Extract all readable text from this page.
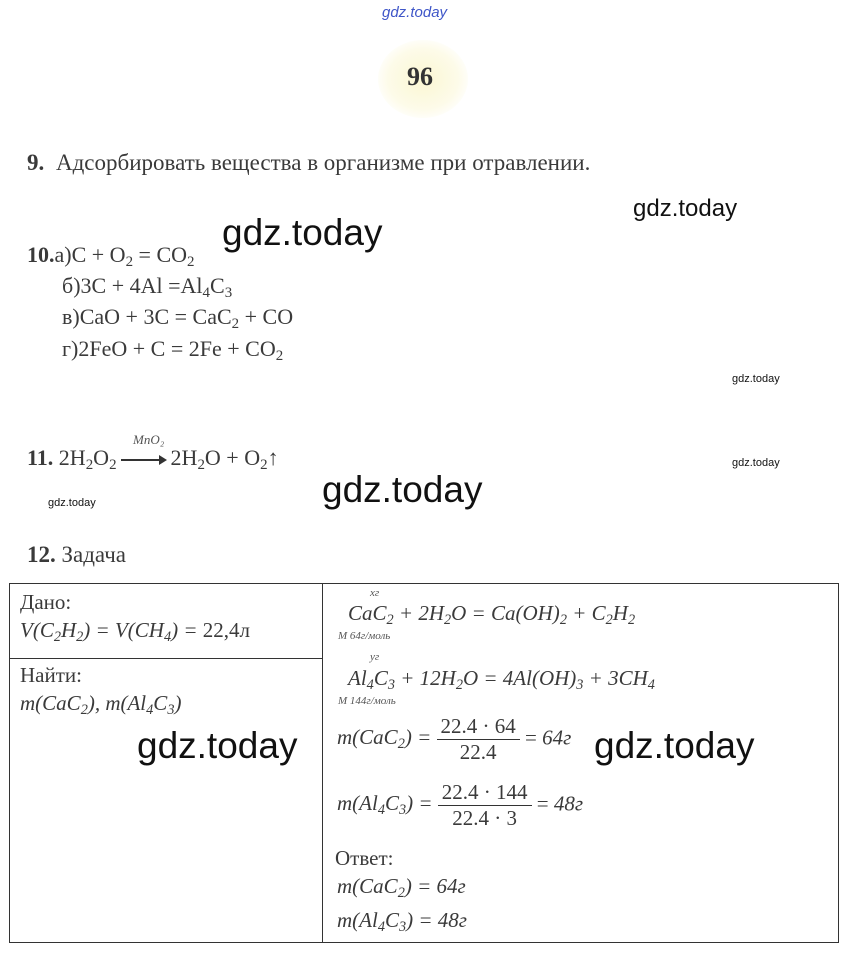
gdz.today
96
9. Адсорбировать вещества в организме при отравлении.
gdz.today
gdz.today
$10.а)C + O_2 = CO_2$
$б)3C + 4Al =Al_4C_3$
в)CaO + 3C = CaC$_2$ + CO
$г)2FeO + C = 2Fe + CO_2$
gdz.today
11. $2H_2O_2$ $2H_2O$ + $O_2↑$
MnO₂
gdz.today
gdz.today
gdz.today
12. Задача
Дано:
$V(C_2H_2) = V(CH_4) = 22,4л$

xг
$CaC_2 + 2H_2O = Ca(OH)_2 + C_2H_2$
M 64г/моль
yг
$Al_4C_3 + 12H_2O = 4Al(OH)_3 + 3CH_4$
M 144г/моль
$m(CaC_2) = \frac{22.4 \cdot 64}{22.4} = 64г$
$m(Al_4C_3) = \frac{22.4 \cdot 144}{22.4 \cdot 3} = 48г$
Ответ:
m(CaC$_2$) = 64г
$m(Al_4C_3) = 48г$

Найти:
m(CaC$_2$), $m(Al_4C_3)$
gdz.today	gdz.today
